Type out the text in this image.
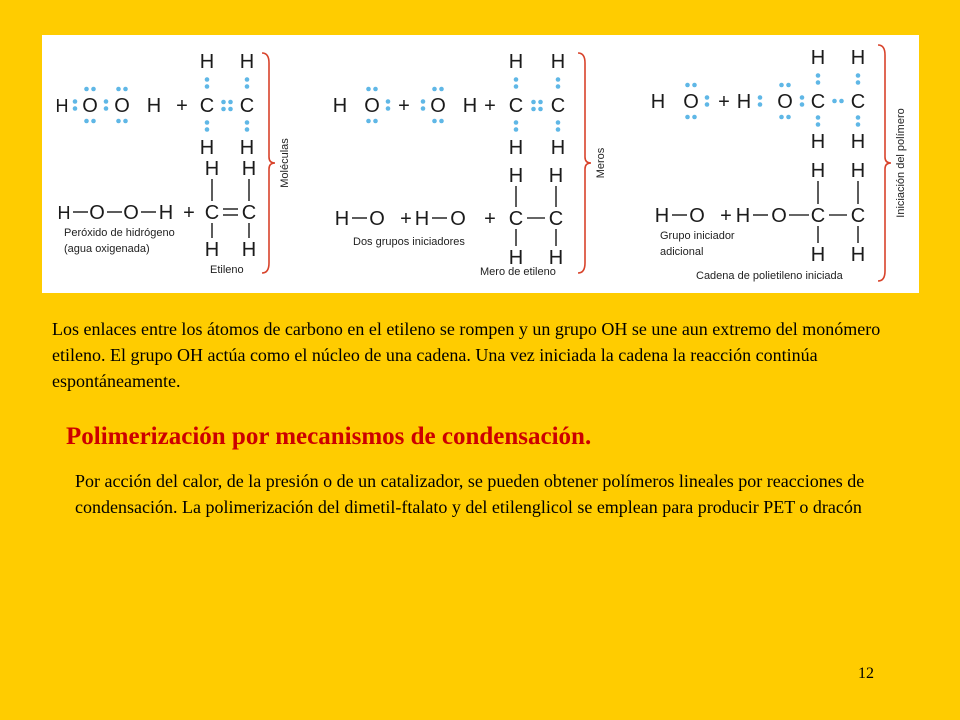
H O O H +
H H
C C
H H
H O O H +
H H
C C
H H
Peróxido de hidrógeno
(agua oxigenada)
Etileno
Moléculas
H O + O H +
H H
C C
H H
H O + H O +
H H
C C
H H
Dos grupos iniciadores
Mero de etileno
Meros
H O + H O
H H
C C
H H
H O + H O C C
H H
H H
Grupo iniciador
adicional
Cadena de polietileno iniciada
Iniciación del polímero
Los enlaces entre los átomos de carbono en el etileno se rompen y un grupo OH se une aun extremo del monómero etileno. El grupo OH actúa como el núcleo de una cadena. Una vez iniciada la cadena la reacción continúa espontáneamente.
Polimerización por mecanismos de condensación.
Por acción del calor, de la presión o de un catalizador, se pueden obtener polímeros lineales por reacciones de condensación. La polimerización del dimetil-ftalato y del etilenglicol se emplean para producir PET o dracón
12
